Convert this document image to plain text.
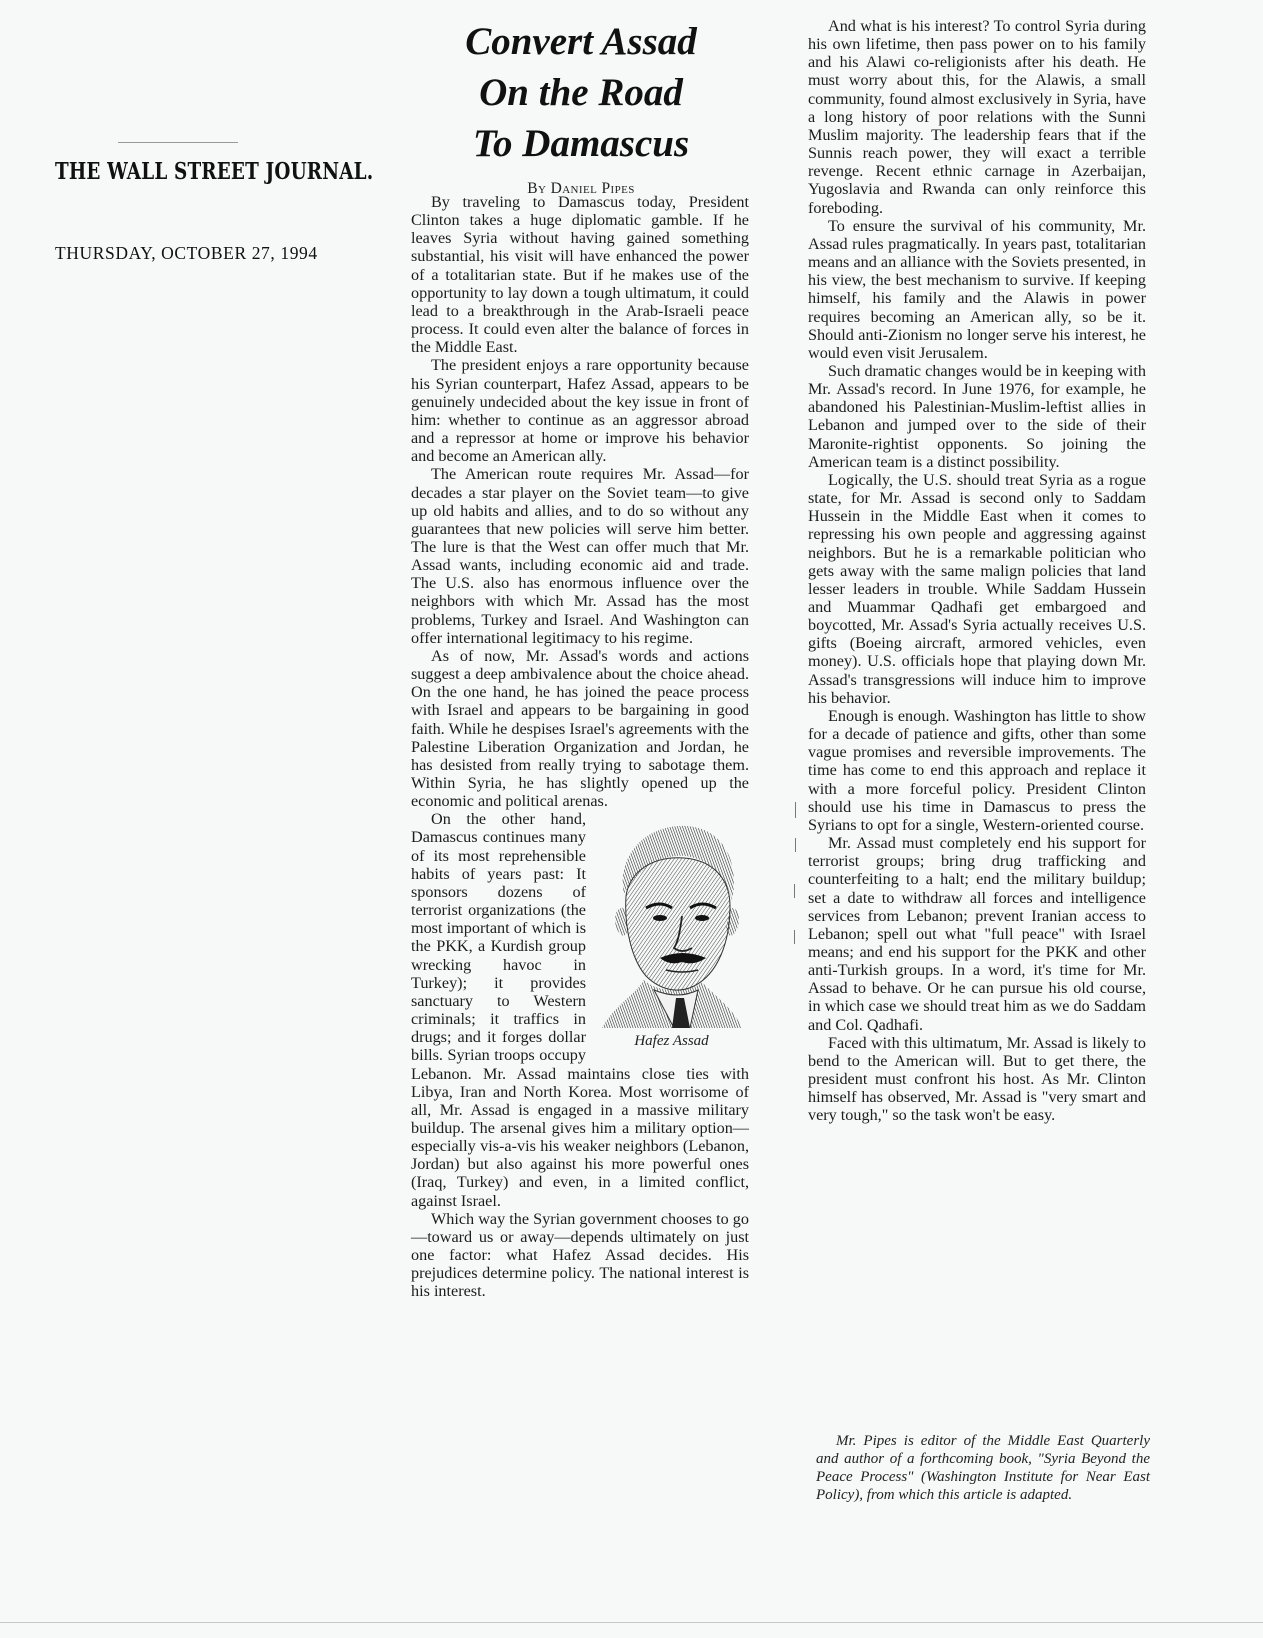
THE WALL STREET JOURNAL.
THURSDAY, OCTOBER 27, 1994
Convert Assad
On the Road
To Damascus
By Daniel Pipes

By traveling to Damascus today, President Clinton takes a huge diplomatic gamble. If he leaves Syria without having gained something substantial, his visit will have enhanced the power of a totalitarian state. But if he makes use of the opportunity to lay down a tough ultimatum, it could lead to a breakthrough in the Arab-Israeli peace process. It could even alter the balance of forces in the Middle East.

The president enjoys a rare opportunity because his Syrian counterpart, Hafez Assad, appears to be genuinely undecided about the key issue in front of him: whether to continue as an aggressor abroad and a repressor at home or improve his behavior and become an American ally.

The American route requires Mr. Assad—for decades a star player on the Soviet team—to give up old habits and allies, and to do so without any guarantees that new policies will serve him better. The lure is that the West can offer much that Mr. Assad wants, including economic aid and trade. The U.S. also has enormous influence over the neighbors with which Mr. Assad has the most problems, Turkey and Israel. And Washington can offer international legitimacy to his regime.

As of now, Mr. Assad's words and actions suggest a deep ambivalence about the choice ahead. On the one hand, he has joined the peace process with Israel and appears to be bargaining in good faith. While he despises Israel's agreements with the Palestine Liberation Organization and Jordan, he has desisted from really trying to sabotage them. Within Syria, he has slightly opened up the economic and political arenas.

Hafez Assad
On the other hand, Damascus continues many of its most reprehensible habits of years past: It sponsors dozens of terrorist organizations (the most important of which is the PKK, a Kurdish group wrecking havoc in Turkey); it provides sanctuary to Western criminals; it traffics in drugs; and it forges dollar bills. Syrian troops occupy Lebanon. Mr. Assad maintains close ties with Libya, Iran and North Korea. Most worrisome of all, Mr. Assad is engaged in a massive military buildup. The arsenal gives him a military option—especially vis-a-vis his weaker neighbors (Lebanon, Jordan) but also against his more powerful ones (Iraq, Turkey) and even, in a limited conflict, against Israel.

Which way the Syrian government chooses to go—toward us or away—depends ultimately on just one factor: what Hafez Assad decides. His prejudices determine policy. The national interest is his interest.

And what is his interest? To control Syria during his own lifetime, then pass power on to his family and his Alawi co-religionists after his death. He must worry about this, for the Alawis, a small community, found almost exclusively in Syria, have a long history of poor relations with the Sunni Muslim majority. The leadership fears that if the Sunnis reach power, they will exact a terrible revenge. Recent ethnic carnage in Azerbaijan, Yugoslavia and Rwanda can only reinforce this foreboding.

To ensure the survival of his community, Mr. Assad rules pragmatically. In years past, totalitarian means and an alliance with the Soviets presented, in his view, the best mechanism to survive. If keeping himself, his family and the Alawis in power requires becoming an American ally, so be it. Should anti-Zionism no longer serve his interest, he would even visit Jerusalem.

Such dramatic changes would be in keeping with Mr. Assad's record. In June 1976, for example, he abandoned his Palestinian-Muslim-leftist allies in Lebanon and jumped over to the side of their Maronite-rightist opponents. So joining the American team is a distinct possibility.

Logically, the U.S. should treat Syria as a rogue state, for Mr. Assad is second only to Saddam Hussein in the Middle East when it comes to repressing his own people and aggressing against neighbors. But he is a remarkable politician who gets away with the same malign policies that land lesser leaders in trouble. While Saddam Hussein and Muammar Qadhafi get embargoed and boycotted, Mr. Assad's Syria actually receives U.S. gifts (Boeing aircraft, armored vehicles, even money). U.S. officials hope that playing down Mr. Assad's transgressions will induce him to improve his behavior.

Enough is enough. Washington has little to show for a decade of patience and gifts, other than some vague promises and reversible improvements. The time has come to end this approach and replace it with a more forceful policy. President Clinton should use his time in Damascus to press the Syrians to opt for a single, Western-oriented course.

Mr. Assad must completely end his support for terrorist groups; bring drug trafficking and counterfeiting to a halt; end the military buildup; set a date to withdraw all forces and intelligence services from Lebanon; prevent Iranian access to Lebanon; spell out what "full peace" with Israel means; and end his support for the PKK and other anti-Turkish groups. In a word, it's time for Mr. Assad to behave. Or he can pursue his old course, in which case we should treat him as we do Saddam and Col. Qadhafi.

Faced with this ultimatum, Mr. Assad is likely to bend to the American will. But to get there, the president must confront his host. As Mr. Clinton himself has observed, Mr. Assad is "very smart and very tough," so the task won't be easy.

Mr. Pipes is editor of the Middle East Quarterly and author of a forthcoming book, "Syria Beyond the Peace Process" (Washington Institute for Near East Policy), from which this article is adapted.
